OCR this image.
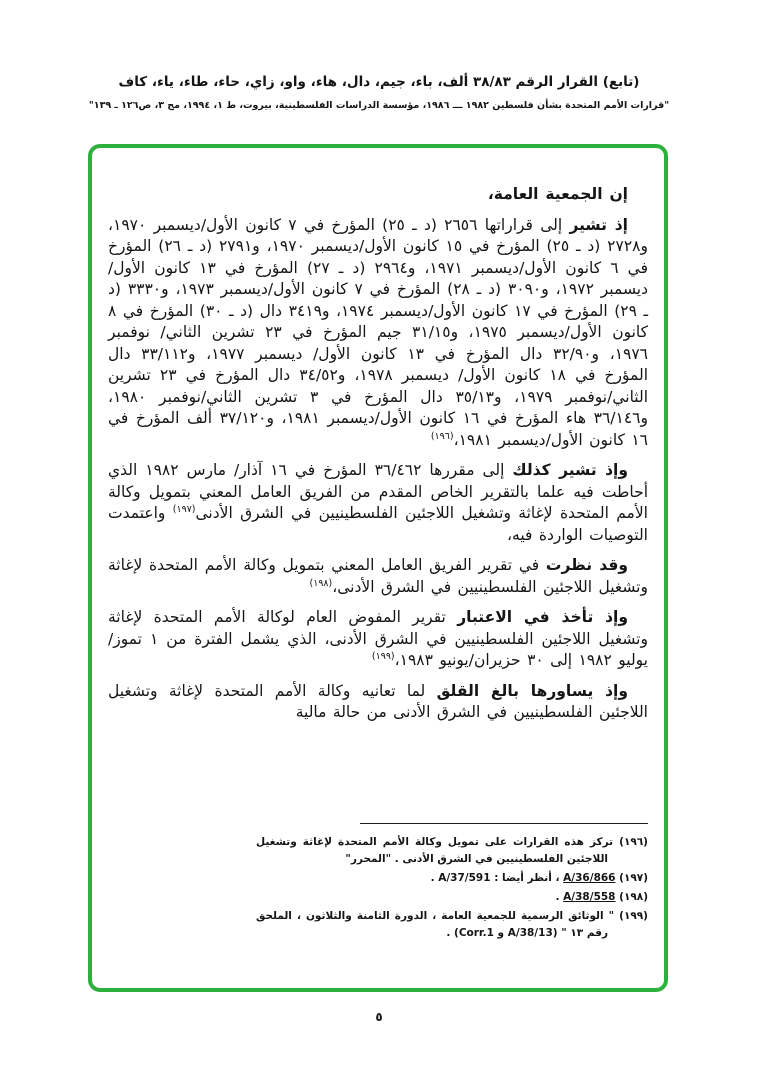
(تابع) القرار الرقم ٣٨/٨٣ ألف، باء، جيم، دال، هاء، واو، زاي، حاء، طاء، ياء، كاف
"قرارات الأمم المتحدة بشأن فلسطين ١٩٨٢ ـــ ١٩٨٦، مؤسسة الدراسات الفلسطينية، بيروت، ط ١، ١٩٩٤، مج ٣، ص١٢٦ ـ ١٣٩"

إن الجمعية العامة،

إذ تشير إلى قراراتها ٢٦٥٦ (د ـ ٢٥) المؤرخ في ٧ كانون الأول/ديسمبر ١٩٧٠، و٢٧٢٨ (د ـ ٢٥) المؤرخ في ١٥ كانون الأول/ديسمبر ١٩٧٠، و٢٧٩١ (د ـ ٢٦) المؤرخ في ٦ كانون الأول/ديسمبر ١٩٧١، و٢٩٦٤ (د ـ ٢٧) المؤرخ في ١٣ كانون الأول/ديسمبر ١٩٧٢، و٣٠٩٠ (د ـ ٢٨) المؤرخ في ٧ كانون الأول/ديسمبر ١٩٧٣، و٣٣٣٠ (د ـ ٢٩) المؤرخ في ١٧ كانون الأول/ديسمبر ١٩٧٤، و٣٤١٩ دال (د ـ ٣٠) المؤرخ في ٨ كانون الأول/ديسمبر ١٩٧٥، و٣١/١٥ جيم المؤرخ في ٢٣ تشرين الثاني/ نوفمبر ١٩٧٦، و٣٢/٩٠ دال المؤرخ في ١٣ كانون الأول/ ديسمبر ١٩٧٧، و٣٣/١١٢ دال المؤرخ في ١٨ كانون الأول/ ديسمبر ١٩٧٨، و٣٤/٥٢ دال المؤرخ في ٢٣ تشرين الثاني/نوفمبر ١٩٧٩، و٣٥/١٣ دال المؤرخ في ٣ تشرين الثاني/نوفمبر ١٩٨٠، و٣٦/١٤٦ هاء المؤرخ في ١٦ كانون الأول/ديسمبر ١٩٨١، و٣٧/١٢٠ ألف المؤرخ في ١٦ كانون الأول/ديسمبر ١٩٨١،$^{(١٩٦)}$

وإذ تشير كذلك إلى مقررها ٣٦/٤٦٢ المؤرخ في ١٦ آذار/ مارس ١٩٨٢ الذي أحاطت فيه علما بالتقرير الخاص المقدم من الفريق العامل المعني بتمويل وكالة الأمم المتحدة لإغاثة وتشغيل اللاجئين الفلسطينيين في الشرق الأدنى$^{(١٩٧)}$ واعتمدت التوصيات الواردة فيه،

وقد نظرت في تقرير الفريق العامل المعني بتمويل وكالة الأمم المتحدة لإغاثة وتشغيل اللاجئين الفلسطينيين في الشرق الأدنى،$^{(١٩٨)}$

وإذ تأخذ في الاعتبار تقرير المفوض العام لوكالة الأمم المتحدة لإغاثة وتشغيل اللاجئين الفلسطينيين في الشرق الأدنى، الذي يشمل الفترة من ١ تموز/يوليو ١٩٨٢ إلى ٣٠ حزيران/يونيو ١٩٨٣،$^{(١٩٩)}$

وإذ يساورها بالغ القلق لما تعانيه وكالة الأمم المتحدة لإغاثة وتشغيل اللاجئين الفلسطينيين في الشرق الأدنى من حالة مالية

(١٩٦) تركز هذه القرارات على تمويل وكالة الأمم المتحدة لإغاثة وتشغيل اللاجئين الفلسطينيين في الشرق الأدنى . "المحرر"
(١٩٧) A/36/866 ، أنظر أيضا : A/37/591 .
(١٩٨) A/38/558 .
(١٩٩) " الوثائق الرسمية للجمعية العامة ، الدورة الثامنة والثلاثون ، الملحق رقم ١٣ " (A/38/13 و Corr.1) .
٥
